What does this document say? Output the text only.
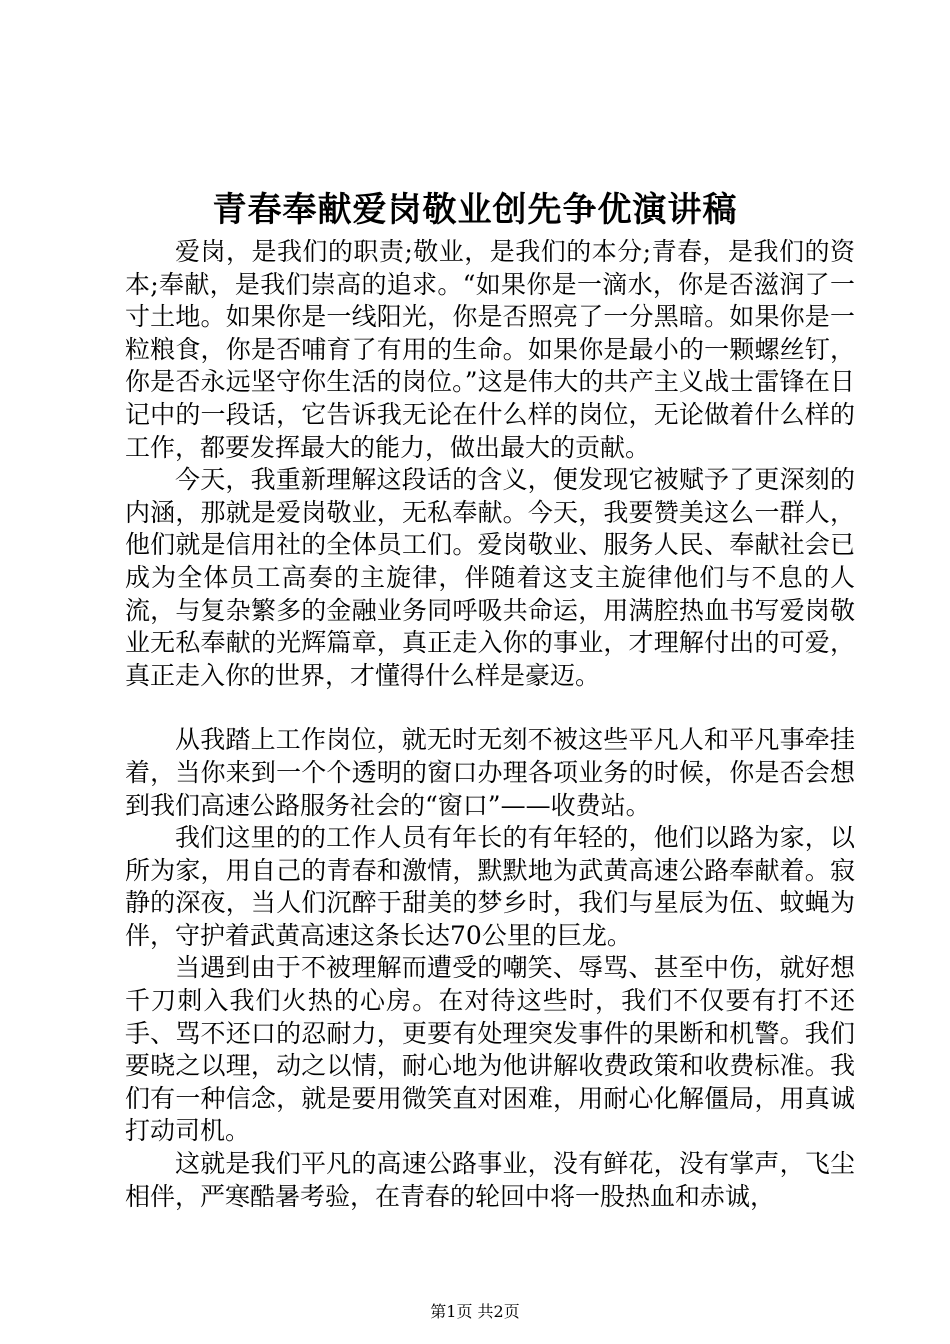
青春奉献爱岗敬业创先争优演讲稿

爱岗，是我们的职责;敬业，是我们的本分;青春，是我们的资本;奉献，是我们崇高的追求。“如果你是一滴水，你是否滋润了一寸土地。如果你是一线阳光，你是否照亮了一分黑暗。如果你是一粒粮食，你是否哺育了有用的生命。如果你是最小的一颗螺丝钉，你是否永远坚守你生活的岗位。”这是伟大的共产主义战士雷锋在日记中的一段话，它告诉我无论在什么样的岗位，无论做着什么样的工作，都要发挥最大的能力，做出最大的贡献。

今天，我重新理解这段话的含义，便发现它被赋予了更深刻的内涵，那就是爱岗敬业，无私奉献。今天，我要赞美这么一群人，他们就是信用社的全体员工们。爱岗敬业、服务人民、奉献社会已成为全体员工高奏的主旋律，伴随着这支主旋律他们与不息的人流，与复杂繁多的金融业务同呼吸共命运，用满腔热血书写爱岗敬业无私奉献的光辉篇章，真正走入你的事业，才理解付出的可爱，真正走入你的世界，才懂得什么样是豪迈。

从我踏上工作岗位，就无时无刻不被这些平凡人和平凡事牵挂着，当你来到一个个透明的窗口办理各项业务的时候，你是否会想到我们高速公路服务社会的“窗口”——收费站。

我们这里的的工作人员有年长的有年轻的，他们以路为家，以所为家，用自己的青春和激情，默默地为武黄高速公路奉献着。寂静的深夜，当人们沉醉于甜美的梦乡时，我们与星辰为伍、蚊蝇为伴，守护着武黄高速这条长达70公里的巨龙。

当遇到由于不被理解而遭受的嘲笑、辱骂、甚至中伤，就好想千刀刺入我们火热的心房。在对待这些时，我们不仅要有打不还手、骂不还口的忍耐力，更要有处理突发事件的果断和机警。我们要晓之以理，动之以情，耐心地为他讲解收费政策和收费标准。我们有一种信念，就是要用微笑直对困难，用耐心化解僵局，用真诚打动司机。

这就是我们平凡的高速公路事业，没有鲜花，没有掌声，飞尘相伴，严寒酷暑考验，在青春的轮回中将一股热血和赤诚，

第1页 共2页
